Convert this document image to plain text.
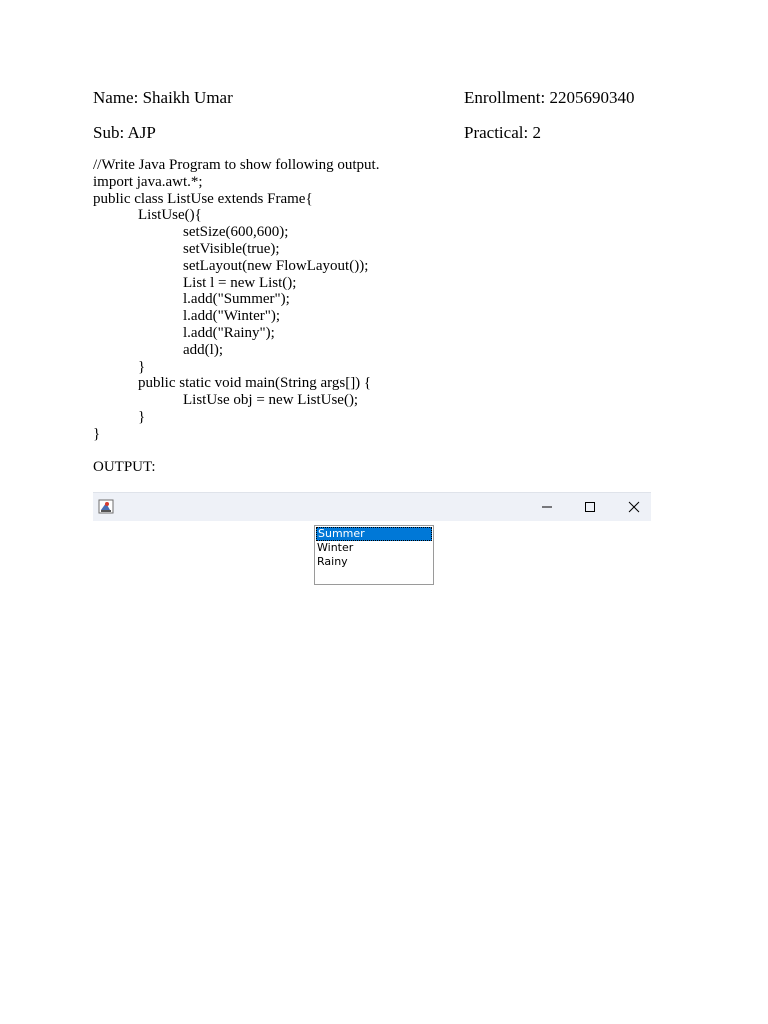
Name: Shaikh Umar	Enrollment: 2205690340
Sub: AJP	Practical: 2
//Write Java Program to show following output.
import java.awt.*;
public class ListUse extends Frame{
ListUse(){
setSize(600,600);
setVisible(true);
setLayout(new FlowLayout());
List l = new List();
l.add("Summer");
l.add("Winter");
l.add("Rainy");
add(l);
}
public static void main(String args[]) {
ListUse obj = new ListUse();
}
}
OUTPUT:
Summer
Winter
Rainy
